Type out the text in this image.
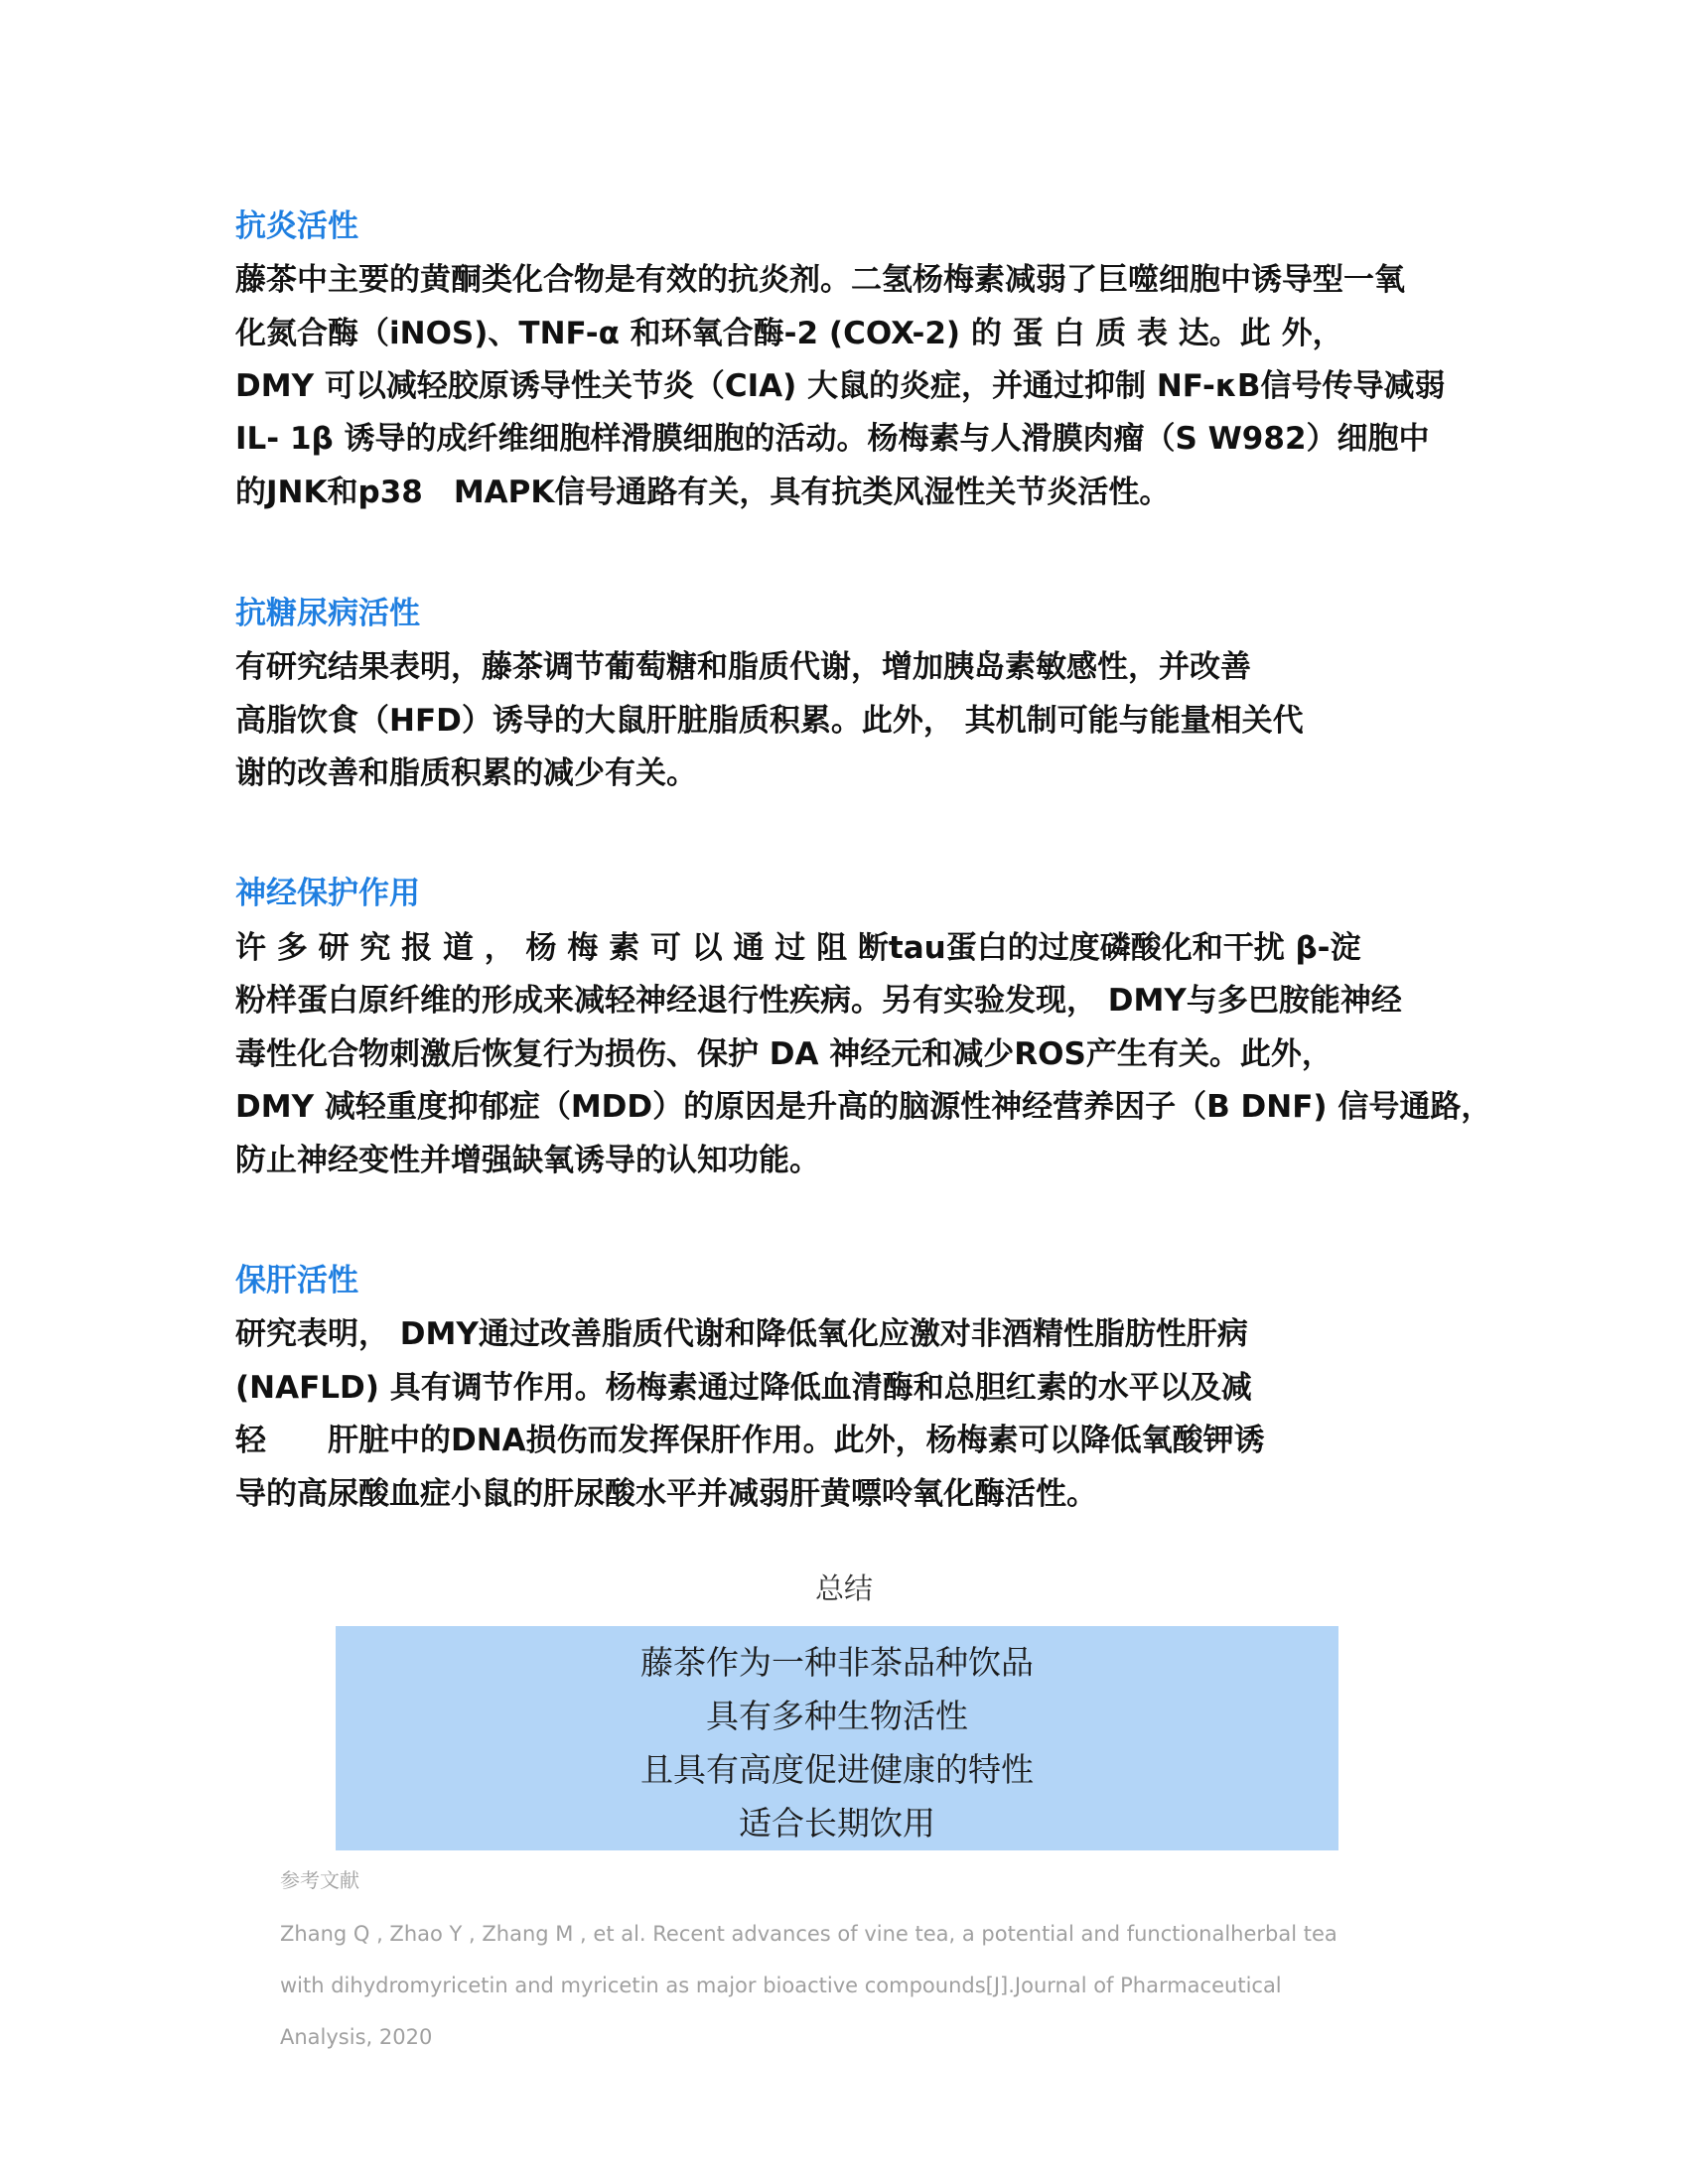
抗炎活性

藤茶中主要的黄酮类化合物是有效的抗炎剂。二氢杨梅素减弱了巨噬细胞中诱导型一氧

化氮合酶（iNOS)、TNF-α 和环氧合酶-2 (COX-2) 的 蛋 白 质 表 达。此 外，

DMY 可以减轻胶原诱导性关节炎（CIA) 大鼠的炎症，并通过抑制 NF-κB信号传导减弱

IL- 1β 诱导的成纤维细胞样滑膜细胞的活动。杨梅素与人滑膜肉瘤（S W982）细胞中

的JNK和p38　MAPK信号通路有关，具有抗类风湿性关节炎活性。

抗糖尿病活性

有研究结果表明，藤茶调节葡萄糖和脂质代谢，增加胰岛素敏感性，并改善

高脂饮食（HFD）诱导的大鼠肝脏脂质积累。此外， 其机制可能与能量相关代

谢的改善和脂质积累的减少有关。

神经保护作用

许 多 研 究 报 道 ， 杨 梅 素 可 以 通 过 阻 断tau蛋白的过度磷酸化和干扰 β-淀

粉样蛋白原纤维的形成来减轻神经退行性疾病。另有实验发现， DMY与多巴胺能神经

毒性化合物刺激后恢复行为损伤、保护 DA 神经元和减少ROS产生有关。此外，

DMY 减轻重度抑郁症（MDD）的原因是升高的脑源性神经营养因子（B DNF) 信号通路，

防止神经变性并增强缺氧诱导的认知功能。

保肝活性

研究表明， DMY通过改善脂质代谢和降低氧化应激对非酒精性脂肪性肝病

(NAFLD) 具有调节作用。杨梅素通过降低血清酶和总胆红素的水平以及减

轻　　肝脏中的DNA损伤而发挥保肝作用。此外，杨梅素可以降低氧酸钾诱

导的高尿酸血症小鼠的肝尿酸水平并减弱肝黄嘌呤氧化酶活性。

总结

藤茶作为一种非茶品种饮品
具有多种生物活性
且具有高度促进健康的特性
适合长期饮用

参考文献

Zhang Q , Zhao Y , Zhang M , et al. Recent advances of vine tea, a potential and functionalherbal tea

with dihydromyricetin and myricetin as major bioactive compounds[J].Journal of Pharmaceutical

Analysis, 2020
